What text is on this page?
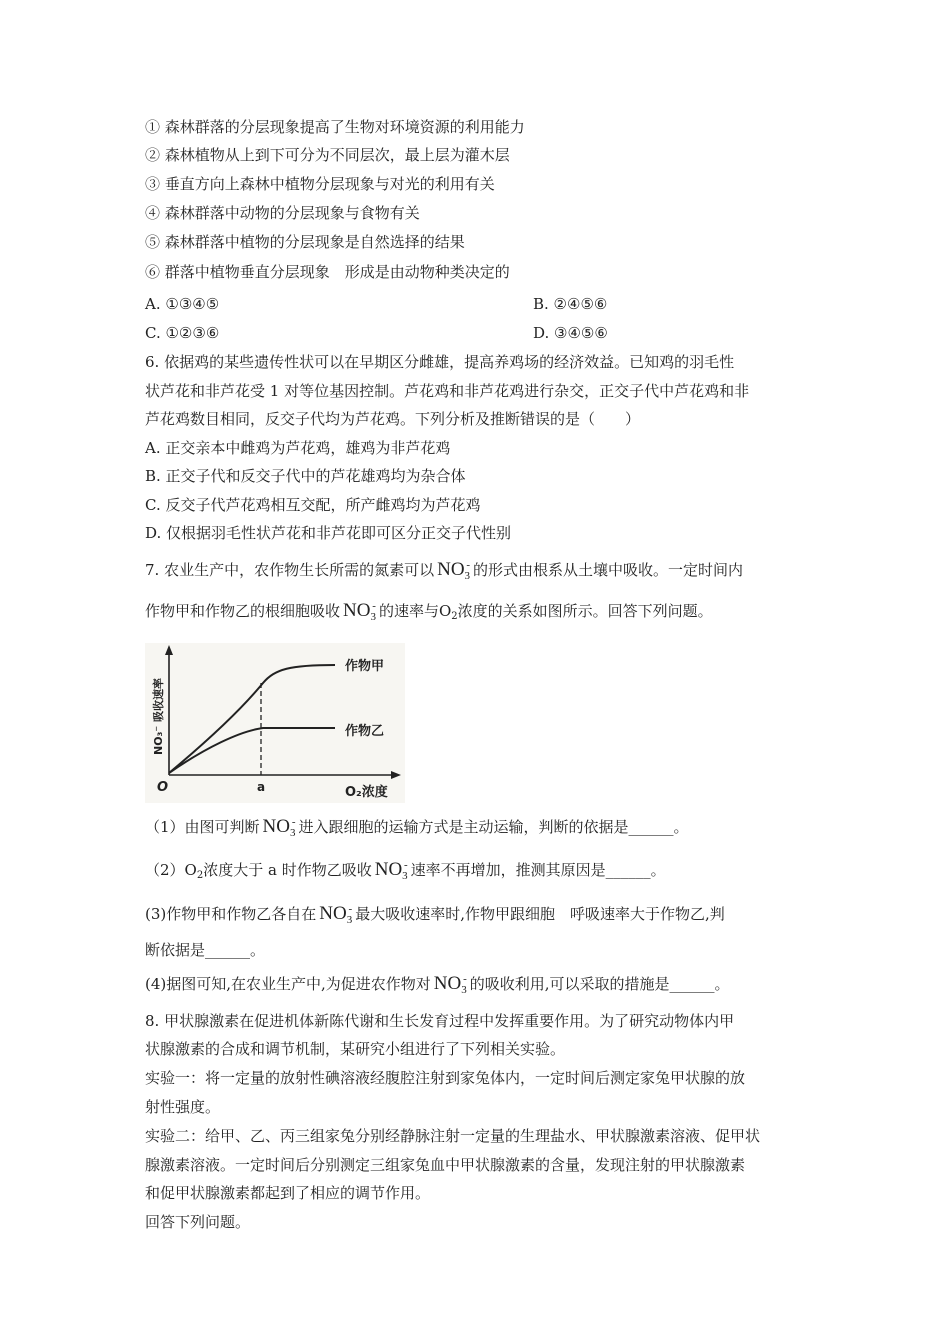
① 森林群落的分层现象提高了生物对环境资源的利用能力
② 森林植物从上到下可分为不同层次，最上层为灌木层
③ 垂直方向上森林中植物分层现象与对光的利用有关
④ 森林群落中动物的分层现象与食物有关
⑤ 森林群落中植物的分层现象是自然选择的结果
⑥ 群落中植物垂直分层现象　形成是由动物种类决定的
A. ①③④⑤	B. ②④⑤⑥
C. ①②③⑥	D. ③④⑤⑥
6. 依据鸡的某些遗传性状可以在早期区分雌雄，提高养鸡场的经济效益。已知鸡的羽毛性
状芦花和非芦花受 1 对等位基因控制。芦花鸡和非芦花鸡进行杂交，正交子代中芦花鸡和非
芦花鸡数目相同，反交子代均为芦花鸡。下列分析及推断错误的是（　　）
A. 正交亲本中雌鸡为芦花鸡，雄鸡为非芦花鸡
B. 正交子代和反交子代中的芦花雄鸡均为杂合体
C. 反交子代芦花鸡相互交配，所产雌鸡均为芦花鸡
D. 仅根据羽毛性状芦花和非芦花即可区分正交子代性别
7. 农业生产中，农作物生长所需的氮素可以 $NO_3$
- 的形式由根系从土壤中吸收。一定时间内
作物甲和作物乙的根细胞吸收 $NO_3$
- 的速率与$O_2$浓度的关系如图所示。回答下列问题。
作物甲
作物乙
O	a	O₂浓度
NO₃⁻ 吸收速率
（1）由图可判断 $NO_3$
- 进入跟细胞的运输方式是主动运输，判断的依据是______。
$(2)O_2$浓度大于 a 时作物乙吸收 $NO_3$
- 速率不再增加，推测其原因是______。
(3)作物甲和作物乙各自在 $NO_3$
- 最大吸收速率时,作物甲跟细胞　呼吸速率大于作物乙,判
断依据是______。
(4)据图可知,在农业生产中,为促进农作物对 $NO_3$
- 的吸收利用,可以采取的措施是______。
8. 甲状腺激素在促进机体新陈代谢和生长发育过程中发挥重要作用。为了研究动物体内甲
状腺激素的合成和调节机制，某研究小组进行了下列相关实验。
实验一：将一定量的放射性碘溶液经腹腔注射到家兔体内，一定时间后测定家兔甲状腺的放
射性强度。
实验二：给甲、乙、丙三组家兔分别经静脉注射一定量的生理盐水、甲状腺激素溶液、促甲状
腺激素溶液。一定时间后分别测定三组家兔血中甲状腺激素的含量，发现注射的甲状腺激素
和促甲状腺激素都起到了相应的调节作用。
回答下列问题。
